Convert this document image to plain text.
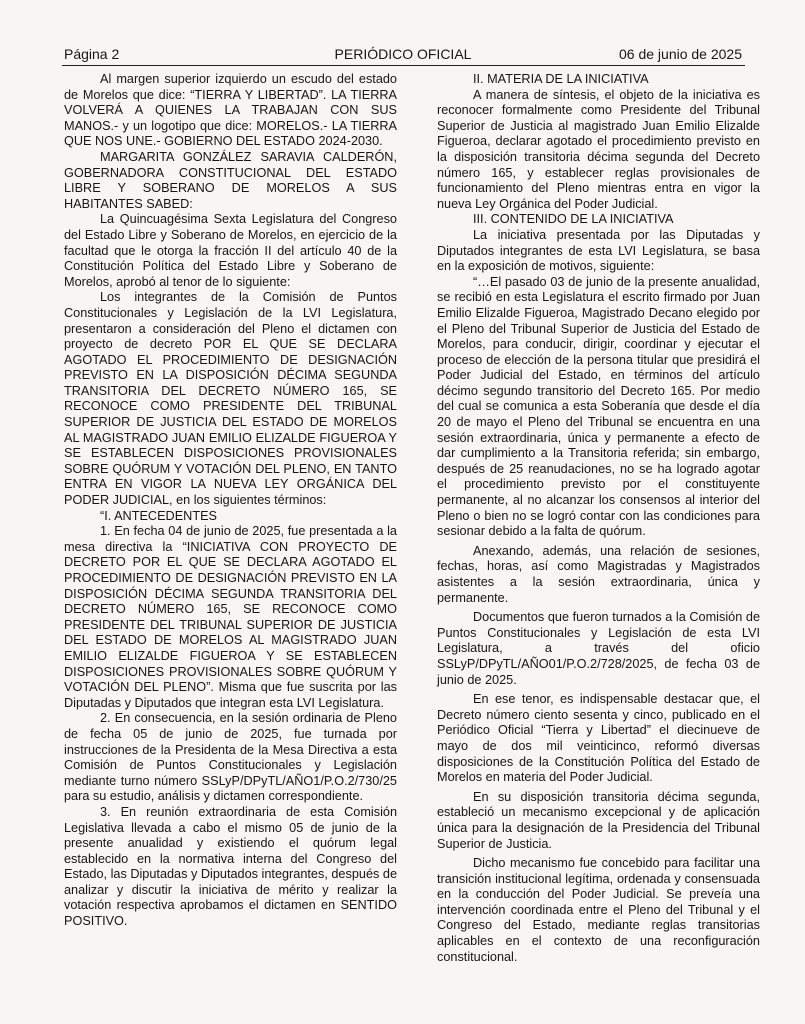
Página 2	PERIÓDICO OFICIAL	06 de junio de 2025

Al margen superior izquierdo un escudo del estado de Morelos que dice: “TIERRA Y LIBERTAD”. LA TIERRA VOLVERÁ A QUIENES LA TRABAJAN CON SUS MANOS.- y un logotipo que dice: MORELOS.- LA TIERRA QUE NOS UNE.- GOBIERNO DEL ESTADO 2024-2030.

MARGARITA GONZÁLEZ SARAVIA CALDERÓN, GOBERNADORA CONSTITUCIONAL DEL ESTADO LIBRE Y SOBERANO DE MORELOS A SUS HABITANTES SABED:

La Quincuagésima Sexta Legislatura del Congreso del Estado Libre y Soberano de Morelos, en ejercicio de la facultad que le otorga la fracción II del artículo 40 de la Constitución Política del Estado Libre y Soberano de Morelos, aprobó al tenor de lo siguiente:

Los integrantes de la Comisión de Puntos Constitucionales y Legislación de la LVI Legislatura, presentaron a consideración del Pleno el dictamen con proyecto de decreto POR EL QUE SE DECLARA AGOTADO EL PROCEDIMIENTO DE DESIGNACIÓN PREVISTO EN LA DISPOSICIÓN DÉCIMA SEGUNDA TRANSITORIA DEL DECRETO NÚMERO 165, SE RECONOCE COMO PRESIDENTE DEL TRIBUNAL SUPERIOR DE JUSTICIA DEL ESTADO DE MORELOS AL MAGISTRADO JUAN EMILIO ELIZALDE FIGUEROA Y SE ESTABLECEN DISPOSICIONES PROVISIONALES SOBRE QUÓRUM Y VOTACIÓN DEL PLENO, EN TANTO ENTRA EN VIGOR LA NUEVA LEY ORGÁNICA DEL PODER JUDICIAL, en los siguientes términos:

“I. ANTECEDENTES

1. En fecha 04 de junio de 2025, fue presentada a la mesa directiva la “INICIATIVA CON PROYECTO DE DECRETO POR EL QUE SE DECLARA AGOTADO EL PROCEDIMIENTO DE DESIGNACIÓN PREVISTO EN LA DISPOSICIÓN DÉCIMA SEGUNDA TRANSITORIA DEL DECRETO NÚMERO 165, SE RECONOCE COMO PRESIDENTE DEL TRIBUNAL SUPERIOR DE JUSTICIA DEL ESTADO DE MORELOS AL MAGISTRADO JUAN EMILIO ELIZALDE FIGUEROA Y SE ESTABLECEN DISPOSICIONES PROVISIONALES SOBRE QUÓRUM Y VOTACIÓN DEL PLENO”. Misma que fue suscrita por las Diputadas y Diputados que integran esta LVI Legislatura.

2. En consecuencia, en la sesión ordinaria de Pleno de fecha 05 de junio de 2025, fue turnada por instrucciones de la Presidenta de la Mesa Directiva a esta Comisión de Puntos Constitucionales y Legislación mediante turno número SSLyP/DPyTL/AÑO1/P.O.2/730/25 para su estudio, análisis y dictamen correspondiente.

3. En reunión extraordinaria de esta Comisión Legislativa llevada a cabo el mismo 05 de junio de la presente anualidad y existiendo el quórum legal establecido en la normativa interna del Congreso del Estado, las Diputadas y Diputados integrantes, después de analizar y discutir la iniciativa de mérito y realizar la votación respectiva aprobamos el dictamen en SENTIDO POSITIVO.

II. MATERIA DE LA INICIATIVA

A manera de síntesis, el objeto de la iniciativa es reconocer formalmente como Presidente del Tribunal Superior de Justicia al magistrado Juan Emilio Elizalde Figueroa, declarar agotado el procedimiento previsto en la disposición transitoria décima segunda del Decreto número 165, y establecer reglas provisionales de funcionamiento del Pleno mientras entra en vigor la nueva Ley Orgánica del Poder Judicial.

III. CONTENIDO DE LA INICIATIVA

La iniciativa presentada por las Diputadas y Diputados integrantes de esta LVI Legislatura, se basa en la exposición de motivos, siguiente:

“…El pasado 03 de junio de la presente anualidad, se recibió en esta Legislatura el escrito firmado por Juan Emilio Elizalde Figueroa, Magistrado Decano elegido por el Pleno del Tribunal Superior de Justicia del Estado de Morelos, para conducir, dirigir, coordinar y ejecutar el proceso de elección de la persona titular que presidirá el Poder Judicial del Estado, en términos del artículo décimo segundo transitorio del Decreto 165. Por medio del cual se comunica a esta Soberanía que desde el día 20 de mayo el Pleno del Tribunal se encuentra en una sesión extraordinaria, única y permanente a efecto de dar cumplimiento a la Transitoria referida; sin embargo, después de 25 reanudaciones, no se ha logrado agotar el procedimiento previsto por el constituyente permanente, al no alcanzar los consensos al interior del Pleno o bien no se logró contar con las condiciones para sesionar debido a la falta de quórum.

Anexando, además, una relación de sesiones, fechas, horas, así como Magistradas y Magistrados asistentes a la sesión extraordinaria, única y permanente.

Documentos que fueron turnados a la Comisión de Puntos Constitucionales y Legislación de esta LVI Legislatura, a través del oficio SSLyP/DPyTL/AÑO01/P.O.2/728/2025, de fecha 03 de junio de 2025.

En ese tenor, es indispensable destacar que, el Decreto número ciento sesenta y cinco, publicado en el Periódico Oficial “Tierra y Libertad” el diecinueve de mayo de dos mil veinticinco, reformó diversas disposiciones de la Constitución Política del Estado de Morelos en materia del Poder Judicial.

En su disposición transitoria décima segunda, estableció un mecanismo excepcional y de aplicación única para la designación de la Presidencia del Tribunal Superior de Justicia.

Dicho mecanismo fue concebido para facilitar una transición institucional legítima, ordenada y consensuada en la conducción del Poder Judicial. Se preveía una intervención coordinada entre el Pleno del Tribunal y el Congreso del Estado, mediante reglas transitorias aplicables en el contexto de una reconfiguración constitucional.
